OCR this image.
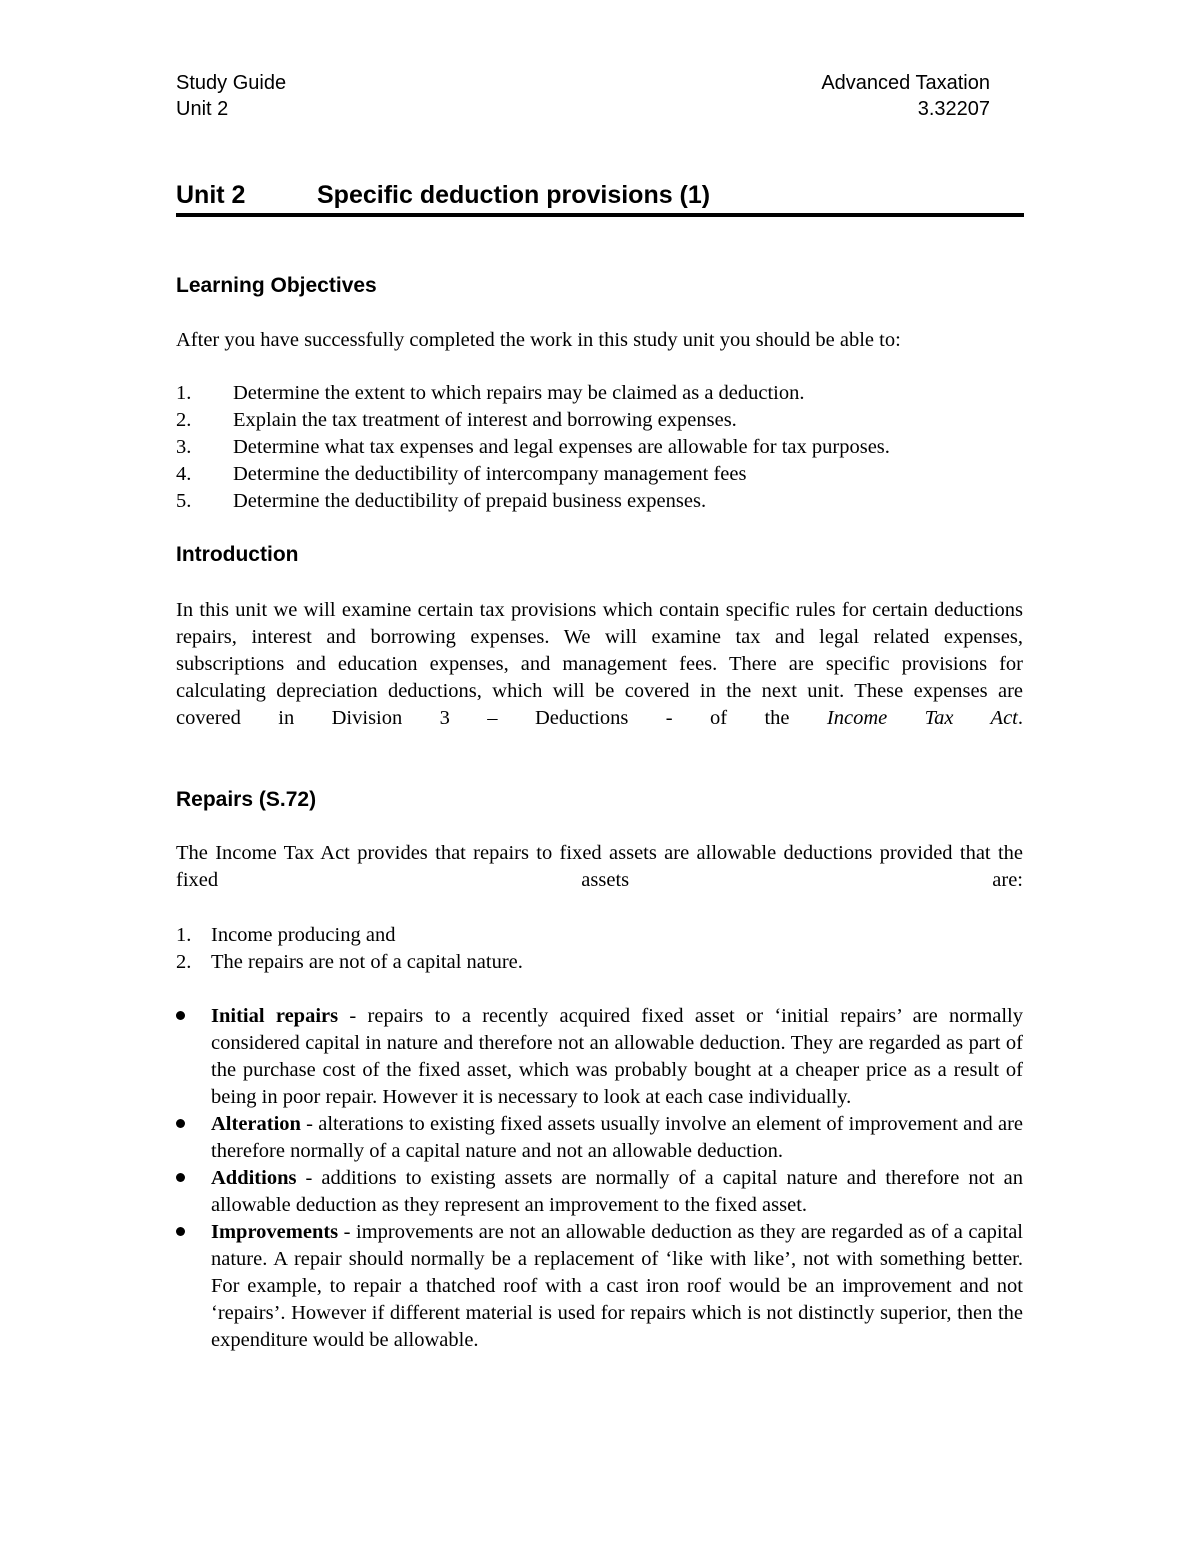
Study Guide	Advanced Taxation
Unit 2	3.32207
Unit 2	Specific deduction provisions (1)
Learning Objectives
After you have successfully completed the work in this study unit you should be able to:
1. Determine the extent to which repairs may be claimed as a deduction.
2. Explain the tax treatment of interest and borrowing expenses.
3. Determine what tax expenses and legal expenses are allowable for tax purposes.
4. Determine the deductibility of intercompany management fees
5. Determine the deductibility of prepaid business expenses.
Introduction
In this unit we will examine certain tax provisions which contain specific rules for certain deductions repairs, interest and borrowing expenses. We will examine tax and legal related expenses, subscriptions and education expenses, and management fees. There are specific provisions for calculating depreciation deductions, which will be covered in the next unit. These expenses are covered in Division 3 – Deductions - of the Income Tax Act.
Repairs (S.72)
The Income Tax Act provides that repairs to fixed assets are allowable deductions provided that the fixed assets are:
1. Income producing and
2. The repairs are not of a capital nature.
Initial repairs - repairs to a recently acquired fixed asset or ‘initial repairs’ are normally considered capital in nature and therefore not an allowable deduction. They are regarded as part of the purchase cost of the fixed asset, which was probably bought at a cheaper price as a result of being in poor repair. However it is necessary to look at each case individually.
Alteration - alterations to existing fixed assets usually involve an element of improvement and are therefore normally of a capital nature and not an allowable deduction.
Additions - additions to existing assets are normally of a capital nature and therefore not an allowable deduction as they represent an improvement to the fixed asset.
Improvements - improvements are not an allowable deduction as they are regarded as of a capital nature. A repair should normally be a replacement of ‘like with like’, not with something better. For example, to repair a thatched roof with a cast iron roof would be an improvement and not ‘repairs’. However if different material is used for repairs which is not distinctly superior, then the expenditure would be allowable.
